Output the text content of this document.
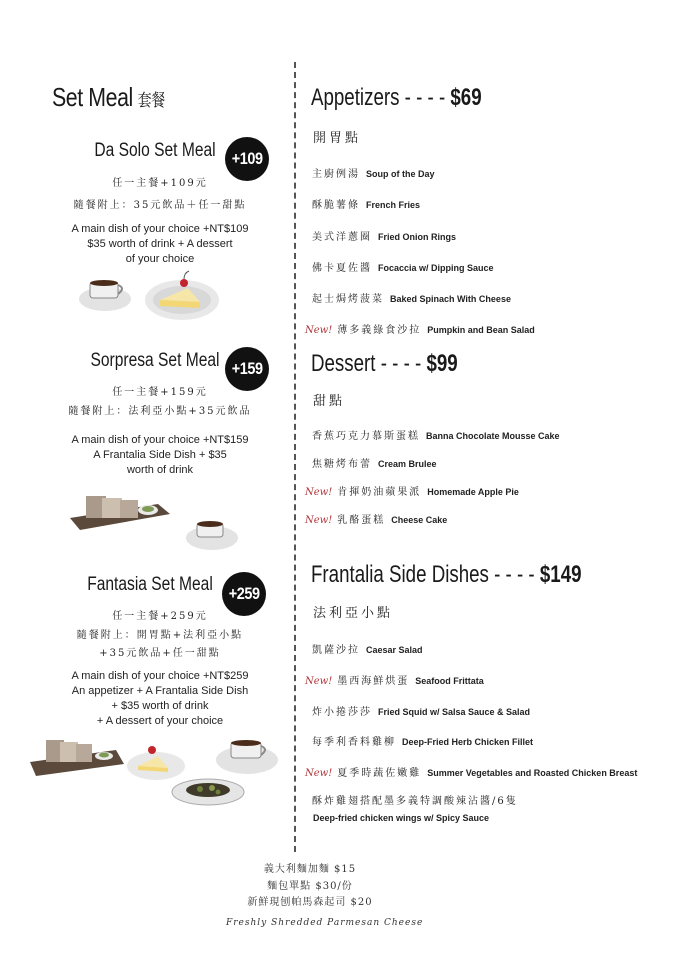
Set Meal 套餐
Da Solo Set Meal +109
任一主餐+109元
隨餐附上：35元飲品＋任一甜點
A main dish of your choice +NT$109
$35 worth of drink + A dessert
of your choice
Sorpresa Set Meal +159
任一主餐+159元
隨餐附上：法利亞小點+35元飲品
A main dish of your choice +NT$159
A Frantalia Side Dish + $35
worth of drink
Fantasia Set Meal +259
任一主餐+259元
隨餐附上：開胃點+法利亞小點
+35元飲品+任一甜點
A main dish of your choice +NT$259
An appetizer + A Frantalia Side Dish
+ $35 worth of drink
+ A dessert of your choice
Appetizers - - - - $69
開胃點
主廚例湯 Soup of the Day
酥脆薯條 French Fries
美式洋蔥圈 Fried Onion Rings
佛卡夏佐醬 Focaccia w/ Dipping Sauce
起士焗烤菠菜 Baked Spinach With Cheese
New! 薄多義綠食沙拉 Pumpkin and Bean Salad
Dessert - - - - $99
甜點
香蕉巧克力慕斯蛋糕 Banna Chocolate Mousse Cake
焦糖烤布蕾 Cream Brulee
New! 肯揮奶油蘋果派 Homemade Apple Pie
New! 乳酪蛋糕 Cheese Cake
Frantalia Side Dishes - - - - $149
法利亞小點
凱薩沙拉 Caesar Salad
New! 墨西海鮮烘蛋 Seafood Frittata
炸小捲莎莎 Fried Squid w/ Salsa Sauce & Salad
每季利香料雞柳 Deep-Fried Herb Chicken Fillet
New! 夏季時蔬佐嫩雞 Summer Vegetables and Roasted Chicken Breast
酥炸雞翅搭配墨多義特調酸辣沾醬/6隻
Deep-fried chicken wings w/ Spicy Sauce
義大利麵加麵 $15
麵包單點 $30/份
新鮮現刨帕馬森起司 $20
Freshly Shredded Parmesan Cheese
